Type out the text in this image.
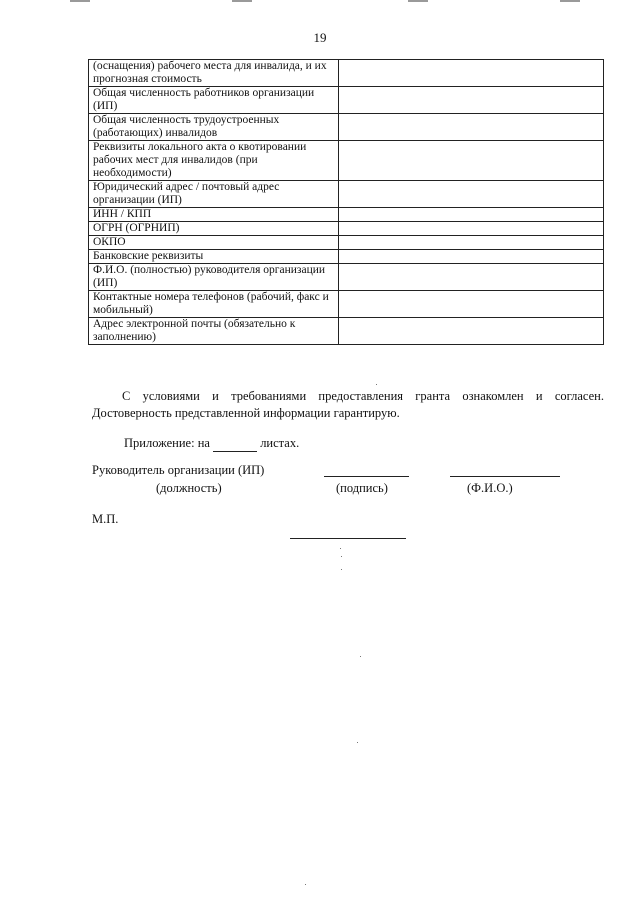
19
(оснащения) рабочего места для инвалида, и их прогнозная стоимость	
Общая численность работников организации (ИП)	
Общая численность трудоустроенных (работающих) инвалидов	
Реквизиты локального акта о квотировании рабочих мест для инвалидов (при необходимости)	
Юридический адрес / почтовый адрес организации (ИП)	
ИНН / КПП	
ОГРН (ОГРНИП)	
ОКПО	
Банковские реквизиты	
Ф.И.О. (полностью) руководителя организации (ИП)	
Контактные номера телефонов (рабочий, факс и мобильный)	
Адрес электронной почты (обязательно к заполнению)	

С условиями и требованиями предоставления гранта ознакомлен и согласен. Достоверность представленной информации гарантирую.

Приложение: на	листах.
Руководитель организации (ИП)
(должность)	(подпись)	(Ф.И.О.)
М.П.
